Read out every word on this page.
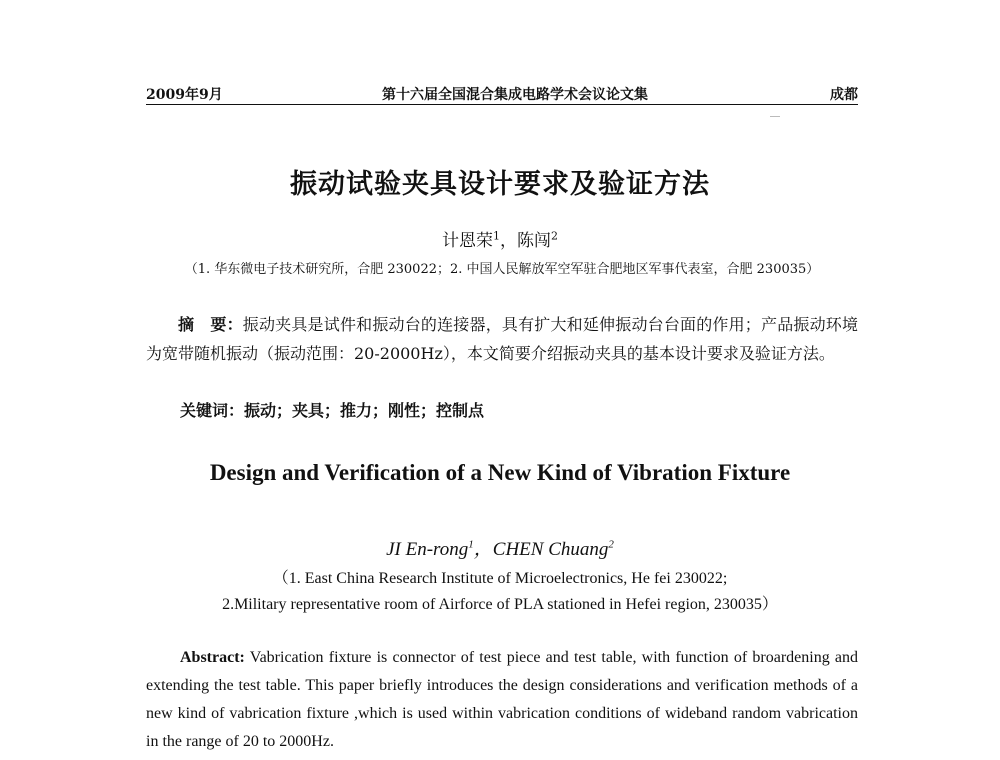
2009年9月	第十六届全国混合集成电路学术会议论文集	成都
振动试验夹具设计要求及验证方法
计恩荣$^1$，陈闯$^2$
（1. 华东微电子技术研究所，合肥 230022；2. 中国人民解放军空军驻合肥地区军事代表室，合肥 230035）
摘　要：振动夹具是试件和振动台的连接器，具有扩大和延伸振动台台面的作用；产品振动环境为宽带随机振动（振动范围：20-2000Hz），本文简要介绍振动夹具的基本设计要求及验证方法。
关键词：振动；夹具；推力；刚性；控制点
Design and Verification of a New Kind of Vibration Fixture
JI En-rong$^1$，CHEN Chuang$^2$
（1. East China Research Institute of Microelectronics, He fei 230022;
2.Military representative room of Airforce of PLA stationed in Hefei region, 230035）
Abstract: Vabrication fixture is connector of test piece and test table, with function of broardening and extending the test table. This paper briefly introduces the design considerations and verification methods of a new kind of vabrication fixture ,which is used within vabrication conditions of wideband random vabrication in the range of 20 to 2000Hz.
